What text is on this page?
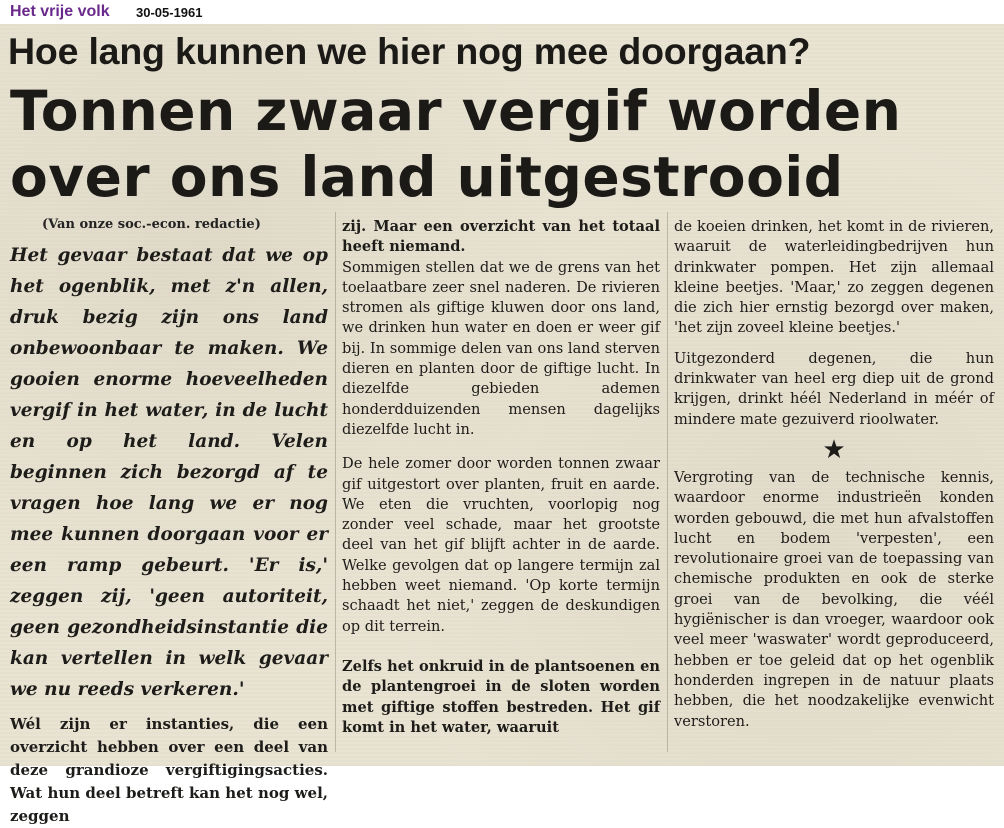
Het vrije volk 30-05-1961
Hoe lang kunnen we hier nog mee doorgaan?
Tonnen zwaar vergif worden over ons land uitgestrooid
(Van onze soc.-econ. redactie)

Het gevaar bestaat dat we op het ogenblik, met z'n allen, druk bezig zijn ons land onbewoonbaar te maken. We gooien enorme hoeveelheden vergif in het water, in de lucht en op het land. Velen beginnen zich bezorgd af te vragen hoe lang we er nog mee kunnen doorgaan voor er een ramp gebeurt. 'Er is,' zeggen zij, 'geen autoriteit, geen gezondheidsinstantie die kan vertellen in welk gevaar we nu reeds verkeren.'

Wél zijn er instanties, die een overzicht hebben over een deel van deze grandioze vergiftigingsacties. Wat hun deel betreft kan het nog wel, zeggen

zij. Maar een overzicht van het totaal heeft niemand.

Sommigen stellen dat we de grens van het toelaatbare zeer snel naderen. De rivieren stromen als giftige kluwen door ons land, we drinken hun water en doen er weer gif bij. In sommige delen van ons land sterven dieren en planten door de giftige lucht. In diezelfde gebieden ademen honderdduizenden mensen dagelijks diezelfde lucht in.

De hele zomer door worden tonnen zwaar gif uitgestort over planten, fruit en aarde. We eten die vruchten, voorlopig nog zonder veel schade, maar het grootste deel van het gif blijft achter in de aarde. Welke gevolgen dat op langere termijn zal hebben weet niemand. 'Op korte termijn schaadt het niet,' zeggen de deskundigen op dit terrein.

Zelfs het onkruid in de plantsoenen en de plantengroei in de sloten worden met giftige stoffen bestreden. Het gif komt in het water, waaruit

de koeien drinken, het komt in de rivieren, waaruit de waterleidingbedrijven hun drinkwater pompen. Het zijn allemaal kleine beetjes. 'Maar,' zo zeggen degenen die zich hier ernstig bezorgd over maken, 'het zijn zoveel kleine beetjes.'

Uitgezonderd degenen, die hun drinkwater van heel erg diep uit de grond krijgen, drinkt héél Nederland in méér of mindere mate gezuiverd rioolwater.

★

Vergroting van de technische kennis, waardoor enorme industrieën konden worden gebouwd, die met hun afvalstoffen lucht en bodem 'verpesten', een revolutionaire groei van de toepassing van chemische produkten en ook de sterke groei van de bevolking, die véél hygiënischer is dan vroeger, waardoor ook veel meer 'waswater' wordt geproduceerd, hebben er toe geleid dat op het ogenblik honderden ingrepen in de natuur plaats hebben, die het noodzakelijke evenwicht verstoren.
